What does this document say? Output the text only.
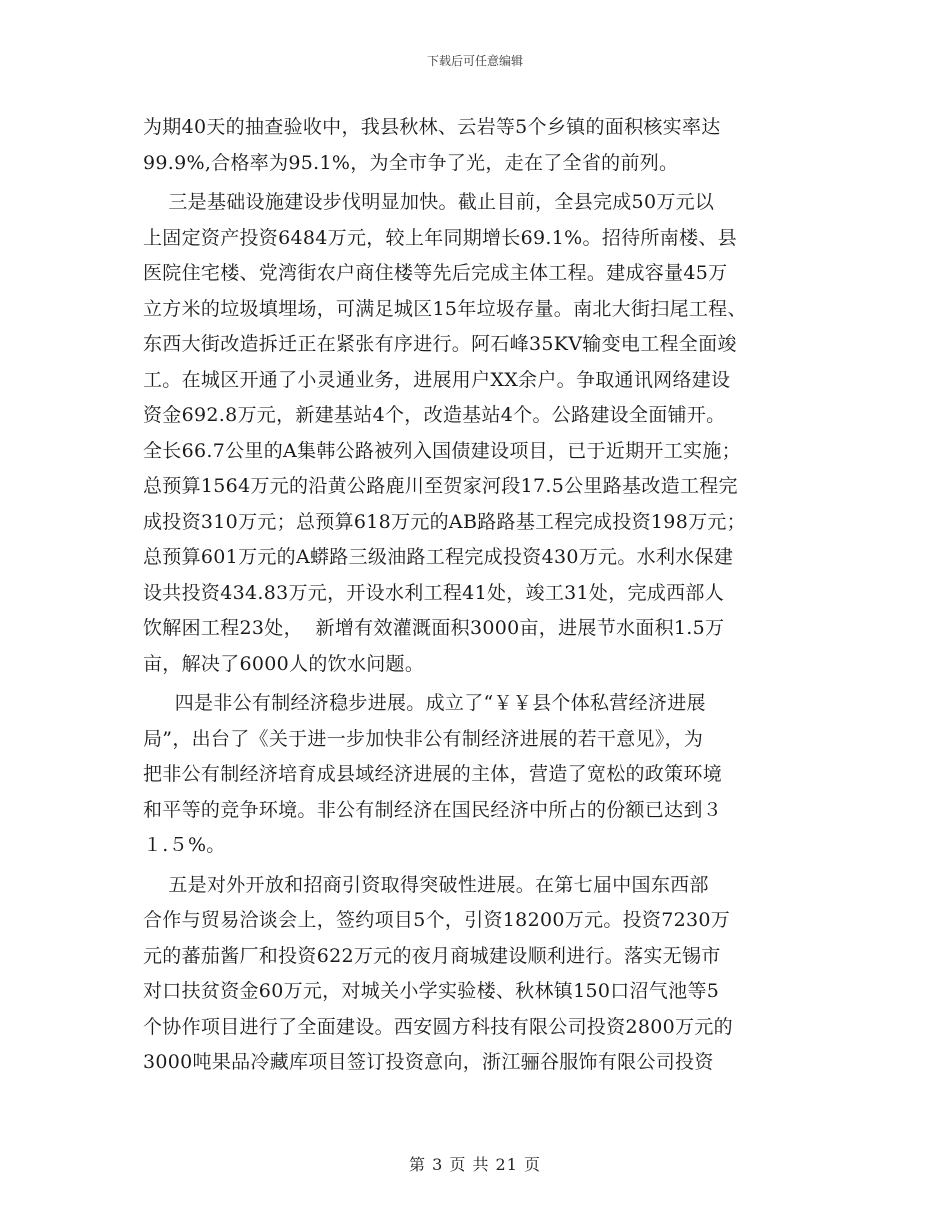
下载后可任意编辑
为期40天的抽查验收中，我县秋林、云岩等5个乡镇的面积核实率达
99.9%,合格率为95.1%，为全市争了光，走在了全省的前列。
三是基础设施建设步伐明显加快。截止目前，全县完成50万元以
上固定资产投资6484万元，较上年同期增长69.1%。招待所南楼、县
医院住宅楼、党湾街农户商住楼等先后完成主体工程。建成容量45万
立方米的垃圾填埋场，可满足城区15年垃圾存量。南北大街扫尾工程、
东西大街改造拆迁正在紧张有序进行。阿石峰35KV输变电工程全面竣
工。在城区开通了小灵通业务，进展用户XX余户。争取通讯网络建设
资金692.8万元，新建基站4个，改造基站4个。公路建设全面铺开。
全长66.7公里的A集韩公路被列入国债建设项目，已于近期开工实施；
总预算1564万元的沿黄公路鹿川至贺家河段17.5公里路基改造工程完
成投资310万元；总预算618万元的AB路路基工程完成投资198万元；
总预算601万元的A蟒路三级油路工程完成投资430万元。水利水保建
设共投资434.83万元，开设水利工程41处，竣工31处，完成西部人
饮解困工程23处，  新增有效灌溉面积3000亩，进展节水面积1.5万
亩，解决了6000人的饮水问题。
四是非公有制经济稳步进展。成立了“￥￥县个体私营经济进展
局”，出台了《关于进一步加快非公有制经济进展的若干意见》，为
把非公有制经济培育成县域经济进展的主体，营造了宽松的政策环境
和平等的竞争环境。非公有制经济在国民经济中所占的份额已达到３
１.５%。
五是对外开放和招商引资取得突破性进展。在第七届中国东西部
合作与贸易洽谈会上，签约项目5个，引资18200万元。投资7230万
元的蕃茄酱厂和投资622万元的夜月商城建设顺利进行。落实无锡市
对口扶贫资金60万元，对城关小学实验楼、秋林镇150口沼气池等5
个协作项目进行了全面建设。西安圆方科技有限公司投资2800万元的
3000吨果品冷藏库项目签订投资意向，浙江骊谷服饰有限公司投资
第 3 页 共 21 页
